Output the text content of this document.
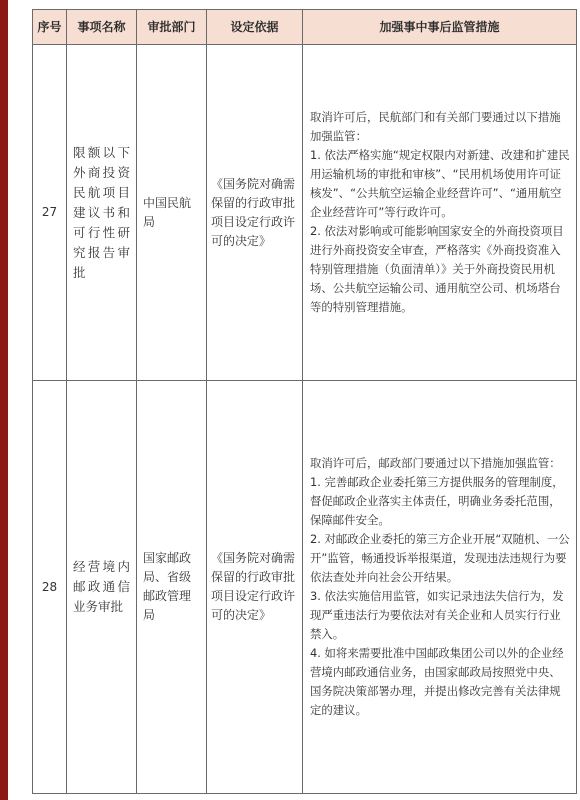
序号	事项名称	审批部门	设定依据	加强事中事后监管措施
27	限额以下外商投资民航项目建议书和可行性研究报告审批	中国民航局	《国务院对确需保留的行政审批项目设定行政许可的决定》	取消许可后，民航部门和有关部门要通过以下措施加强监管：
1. 依法严格实施“规定权限内对新建、改建和扩建民用运输机场的审批和审核”、“民用机场使用许可证核发”、“公共航空运输企业经营许可”、“通用航空企业经营许可”等行政许可。
2. 依法对影响或可能影响国家安全的外商投资项目进行外商投资安全审查，严格落实《外商投资准入特别管理措施（负面清单）》关于外商投资民用机场、公共航空运输公司、通用航空公司、机场塔台等的特别管理措施。

28	经营境内邮政通信业务审批	国家邮政局、省级邮政管理局	《国务院对确需保留的行政审批项目设定行政许可的决定》	取消许可后，邮政部门要通过以下措施加强监管：
1. 完善邮政企业委托第三方提供服务的管理制度，督促邮政企业落实主体责任，明确业务委托范围，保障邮件安全。
2. 对邮政企业委托的第三方企业开展“双随机、一公开”监管，畅通投诉举报渠道，发现违法违规行为要依法查处并向社会公开结果。
3. 依法实施信用监管，如实记录违法失信行为，发现严重违法行为要依法对有关企业和人员实行行业禁入。
4. 如将来需要批准中国邮政集团公司以外的企业经营境内邮政通信业务，由国家邮政局按照党中央、国务院决策部署办理，并提出修改完善有关法律规定的建议。
